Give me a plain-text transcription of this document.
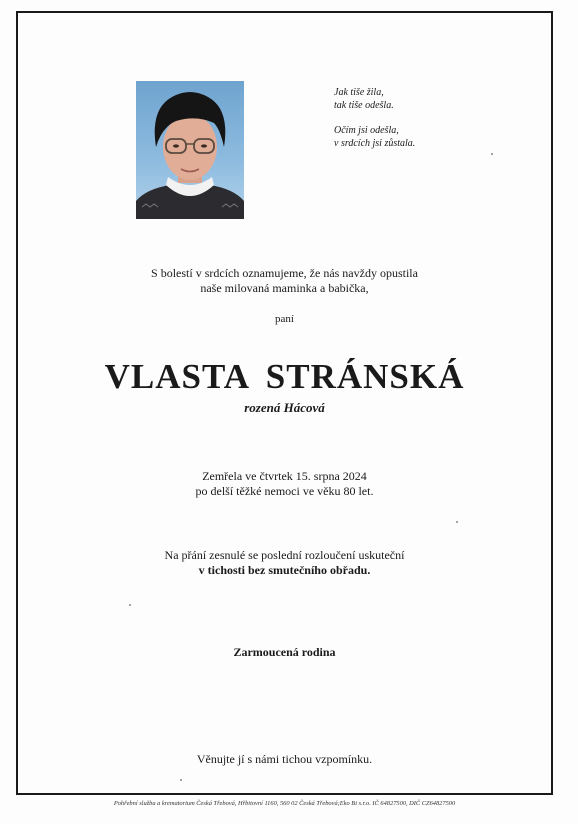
Jak tiše žila,
tak tiše odešla.

Očím jsi odešla,
v srdcích jsi zůstala.

S bolestí v srdcích oznamujeme, že nás navždy opustila
naše milovaná maminka a babička,
paní
VLASTA STRÁNSKÁ
rozená Hácová
Zemřela ve čtvrtek 15. srpna 2024
po delší těžké nemoci ve věku 80 let.
Na přání zesnulé se poslední rozloučení uskuteční
v tichosti bez smutečního obřadu.
Zarmoucená rodina
Věnujte jí s námi tichou vzpomínku.
Pohřební služba a krematorium Česká Třebová, Hřbitovní 1160, 560 02 Česká Třebová;Eko Bi s.r.o. IČ 64827500, DIČ CZ64827500
